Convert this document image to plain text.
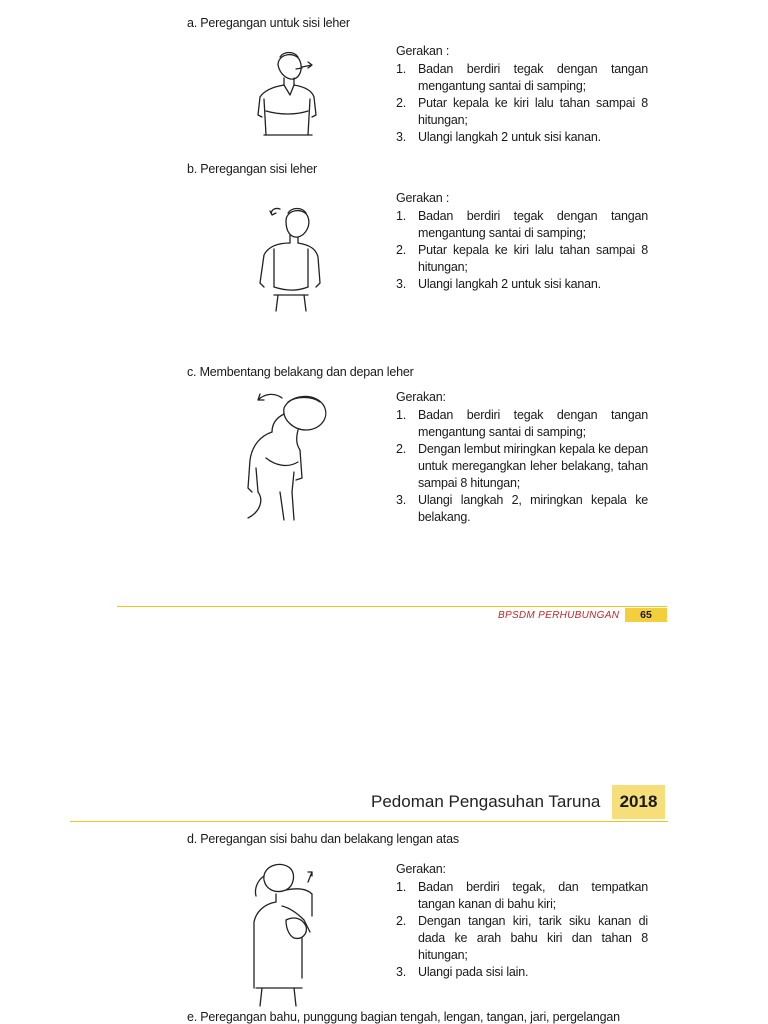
a. Peregangan untuk sisi leher
Gerakan :
1. Badan berdiri tegak dengan tangan mengantung santai di samping;
2. Putar kepala ke kiri lalu tahan sampai 8 hitungan;
3. Ulangi langkah 2 untuk sisi kanan.
b. Peregangan sisi leher
Gerakan :
1. Badan berdiri tegak dengan tangan mengantung santai di samping;
2. Putar kepala ke kiri lalu tahan sampai 8 hitungan;
3. Ulangi langkah 2 untuk sisi kanan.
c. Membentang belakang dan depan leher
Gerakan:
1. Badan berdiri tegak dengan tangan mengantung santai di samping;
2. Dengan lembut miringkan kepala ke depan untuk meregangkan leher belakang, tahan sampai 8 hitungan;
3. Ulangi langkah 2, miringkan kepala ke belakang.
BPSDM PERHUBUNGAN	65
Pedoman Pengasuhan Taruna	2018
d. Peregangan sisi bahu dan belakang lengan atas
Gerakan:
1. Badan berdiri tegak, dan tempatkan tangan kanan di bahu kiri;
2. Dengan tangan kiri, tarik siku kanan di dada ke arah bahu kiri dan tahan 8 hitungan;
3. Ulangi pada sisi lain.
e. Peregangan bahu, punggung bagian tengah, lengan, tangan, jari, pergelangan
